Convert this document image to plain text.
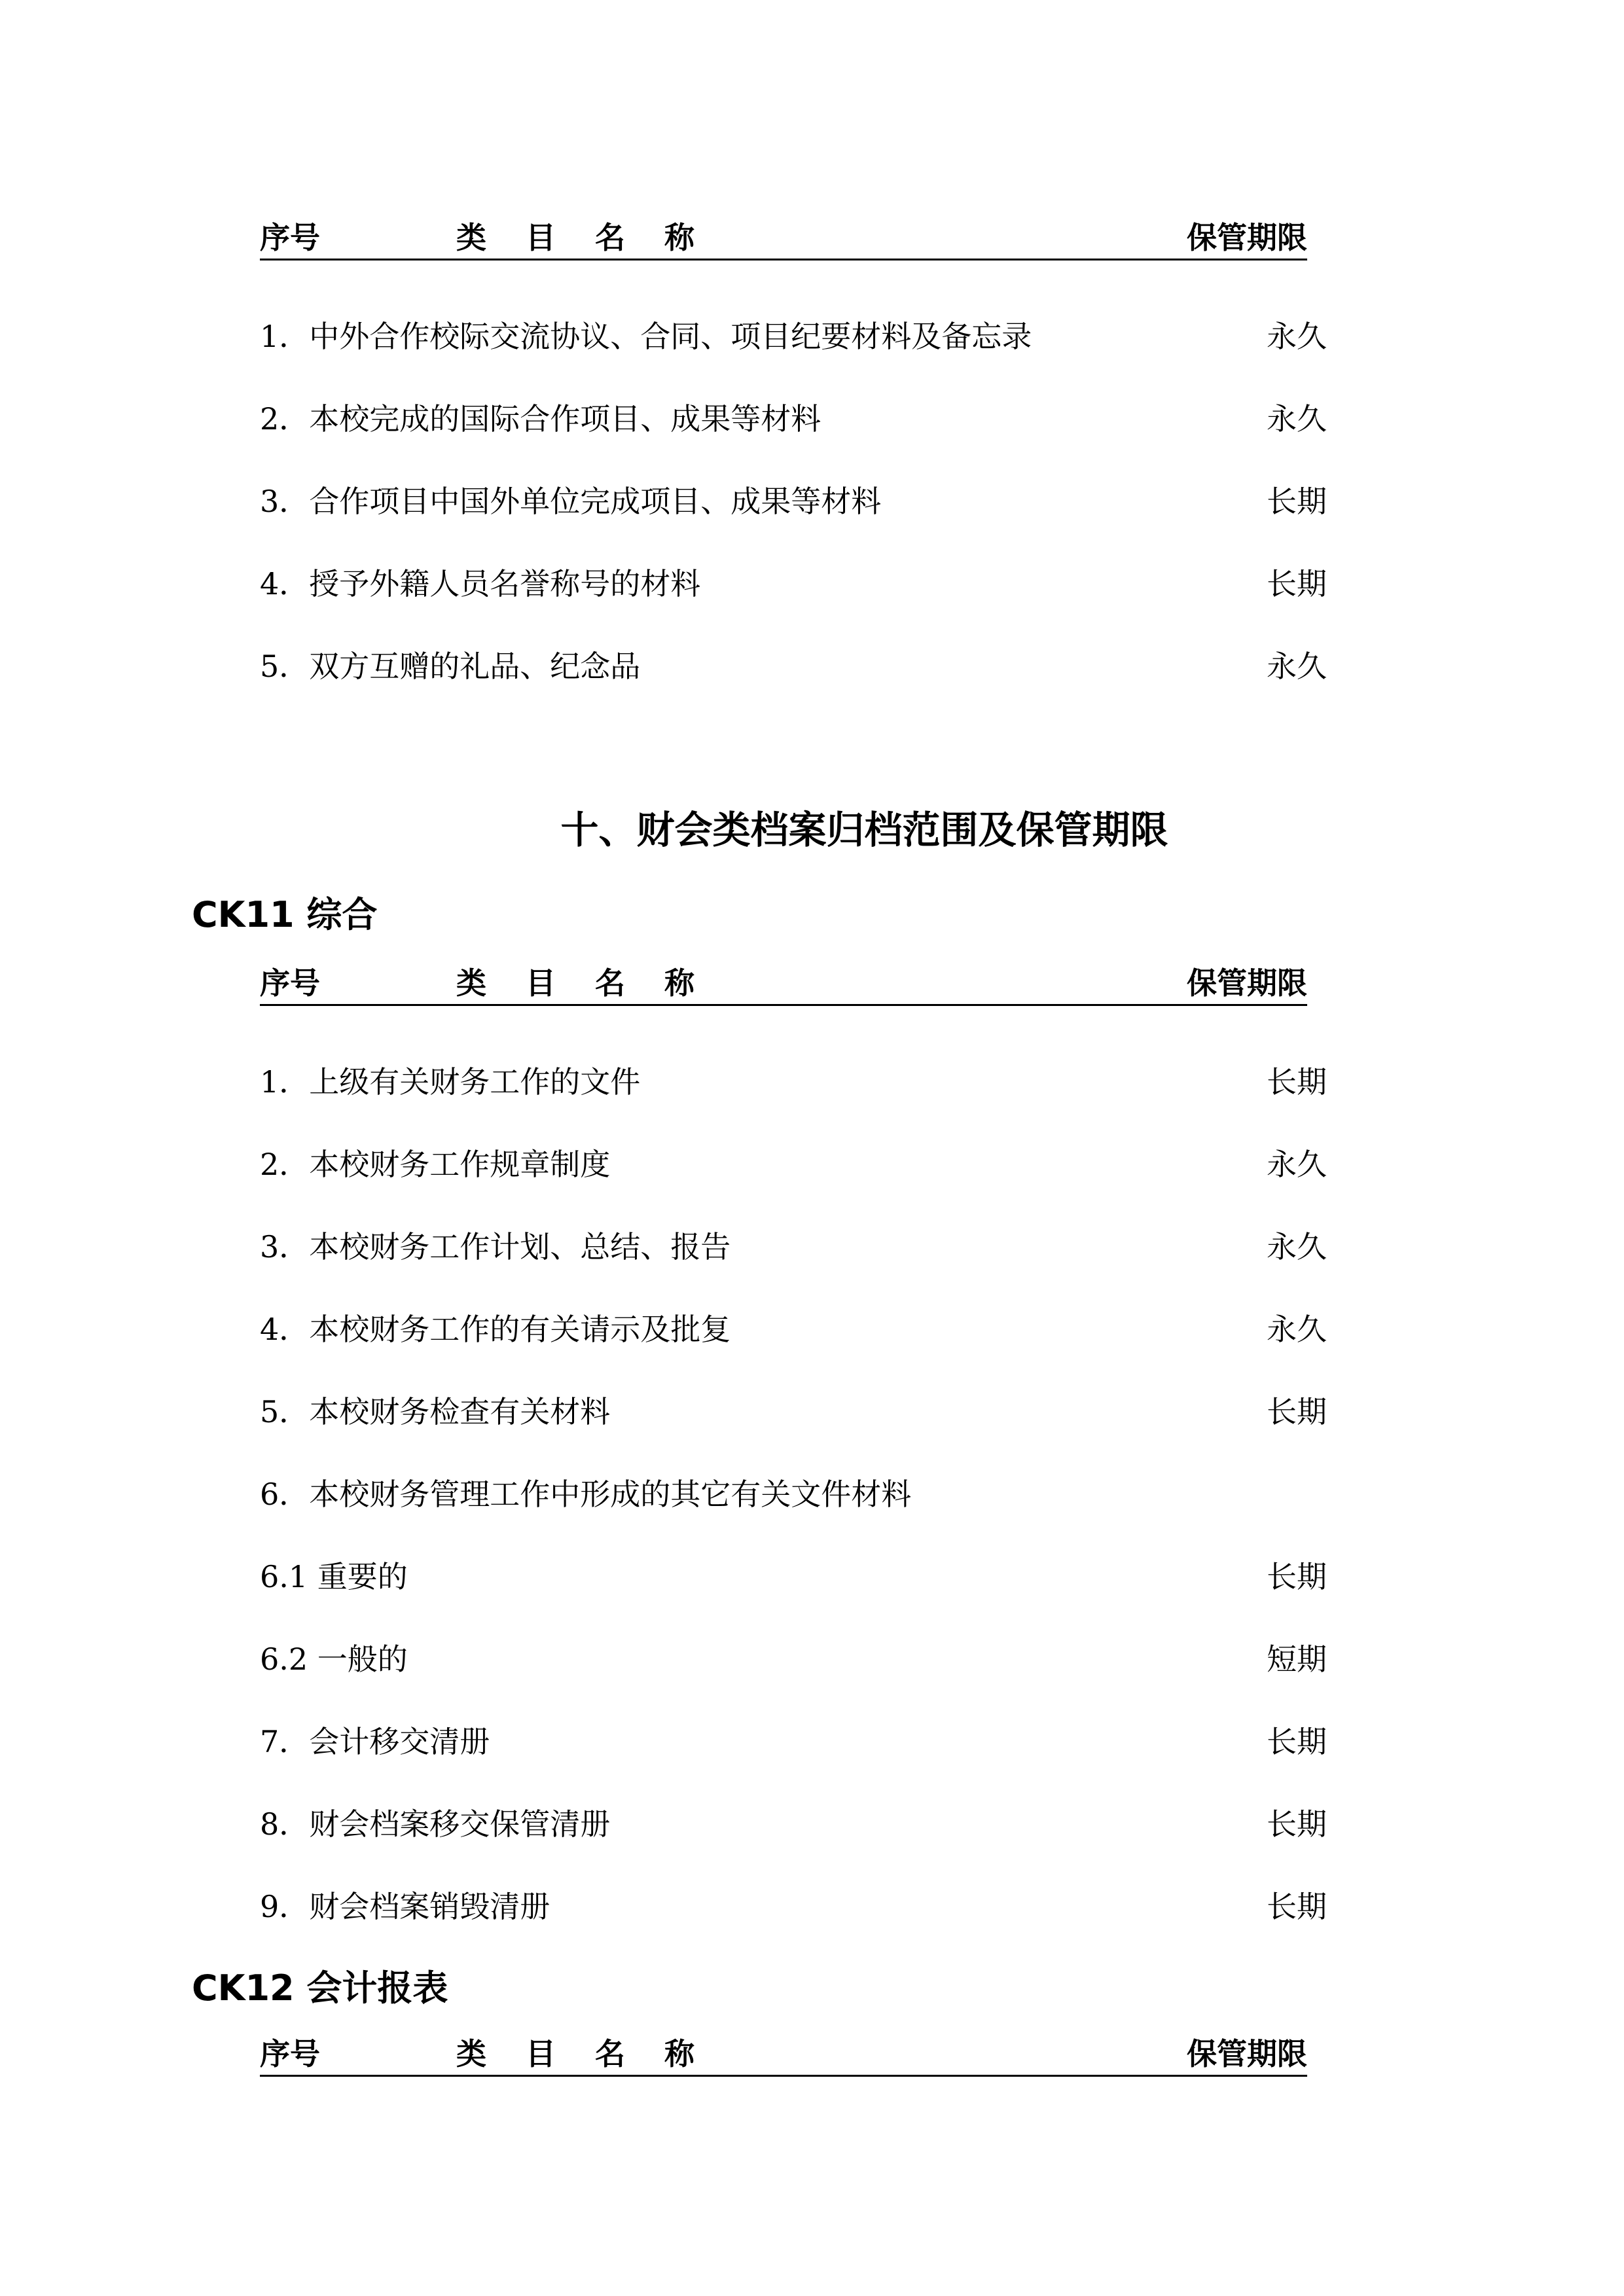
序号	类 目 名 称	保管期限
1．中外合作校际交流协议、合同、项目纪要材料及备忘录	永久
2．本校完成的国际合作项目、成果等材料	永久
3．合作项目中国外单位完成项目、成果等材料	长期
4．授予外籍人员名誉称号的材料	长期
5．双方互赠的礼品、纪念品	永久
十、财会类档案归档范围及保管期限
CK11 综合
序号	类 目 名 称	保管期限
1．上级有关财务工作的文件	长期
2．本校财务工作规章制度	永久
3．本校财务工作计划、总结、报告	永久
4．本校财务工作的有关请示及批复	永久
5．本校财务检查有关材料	长期
6．本校财务管理工作中形成的其它有关文件材料
6.1 重要的	长期
6.2 一般的	短期
7．会计移交清册	长期
8．财会档案移交保管清册	长期
9．财会档案销毁清册	长期
CK12 会计报表
序号	类 目 名 称	保管期限
